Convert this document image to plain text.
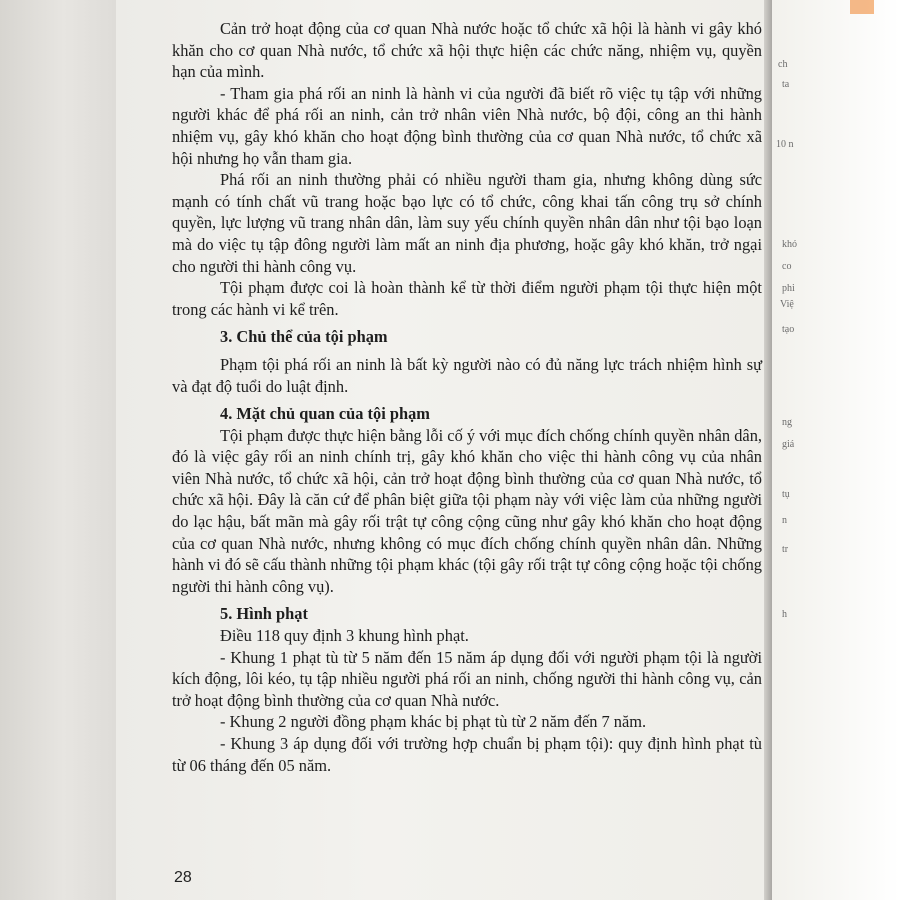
ch
ta
10 n
khó
co
phi
Việ
tạo
ng
giá
tụ
n
tr
h

Cản trở hoạt động của cơ quan Nhà nước hoặc tổ chức xã hội là hành vi gây khó khăn cho cơ quan Nhà nước, tổ chức xã hội thực hiện các chức năng, nhiệm vụ, quyền hạn của mình.

- Tham gia phá rối an ninh là hành vi của người đã biết rõ việc tụ tập với những người khác để phá rối an ninh, cản trở nhân viên Nhà nước, bộ đội, công an thi hành nhiệm vụ, gây khó khăn cho hoạt động bình thường của cơ quan Nhà nước, tổ chức xã hội nhưng họ vẫn tham gia.

Phá rối an ninh thường phải có nhiều người tham gia, nhưng không dùng sức mạnh có tính chất vũ trang hoặc bạo lực có tổ chức, công khai tấn công trụ sở chính quyền, lực lượng vũ trang nhân dân, làm suy yếu chính quyền nhân dân như tội bạo loạn mà do việc tụ tập đông người làm mất an ninh địa phương, hoặc gây khó khăn, trở ngại cho người thi hành công vụ.

Tội phạm được coi là hoàn thành kể từ thời điểm người phạm tội thực hiện một trong các hành vi kể trên.

3. Chủ thể của tội phạm

Phạm tội phá rối an ninh là bất kỳ người nào có đủ năng lực trách nhiệm hình sự và đạt độ tuổi do luật định.

4. Mặt chủ quan của tội phạm

Tội phạm được thực hiện bằng lỗi cố ý với mục đích chống chính quyền nhân dân, đó là việc gây rối an ninh chính trị, gây khó khăn cho việc thi hành công vụ của nhân viên Nhà nước, tổ chức xã hội, cản trở hoạt động bình thường của cơ quan Nhà nước, tổ chức xã hội. Đây là căn cứ để phân biệt giữa tội phạm này với việc làm của những người do lạc hậu, bất mãn mà gây rối trật tự công cộng cũng như gây khó khăn cho hoạt động của cơ quan Nhà nước, nhưng không có mục đích chống chính quyền nhân dân. Những hành vi đó sẽ cấu thành những tội phạm khác (tội gây rối trật tự công cộng hoặc tội chống người thi hành công vụ).

5. Hình phạt

Điều 118 quy định 3 khung hình phạt.

- Khung 1 phạt tù từ 5 năm đến 15 năm áp dụng đối với người phạm tội là người kích động, lôi kéo, tụ tập nhiều người phá rối an ninh, chống người thi hành công vụ, cản trở hoạt động bình thường của cơ quan Nhà nước.

- Khung 2 người đồng phạm khác bị phạt tù từ 2 năm đến 7 năm.

- Khung 3 áp dụng đối với trường hợp chuẩn bị phạm tội): quy định hình phạt tù từ 06 tháng đến 05 năm.

28
